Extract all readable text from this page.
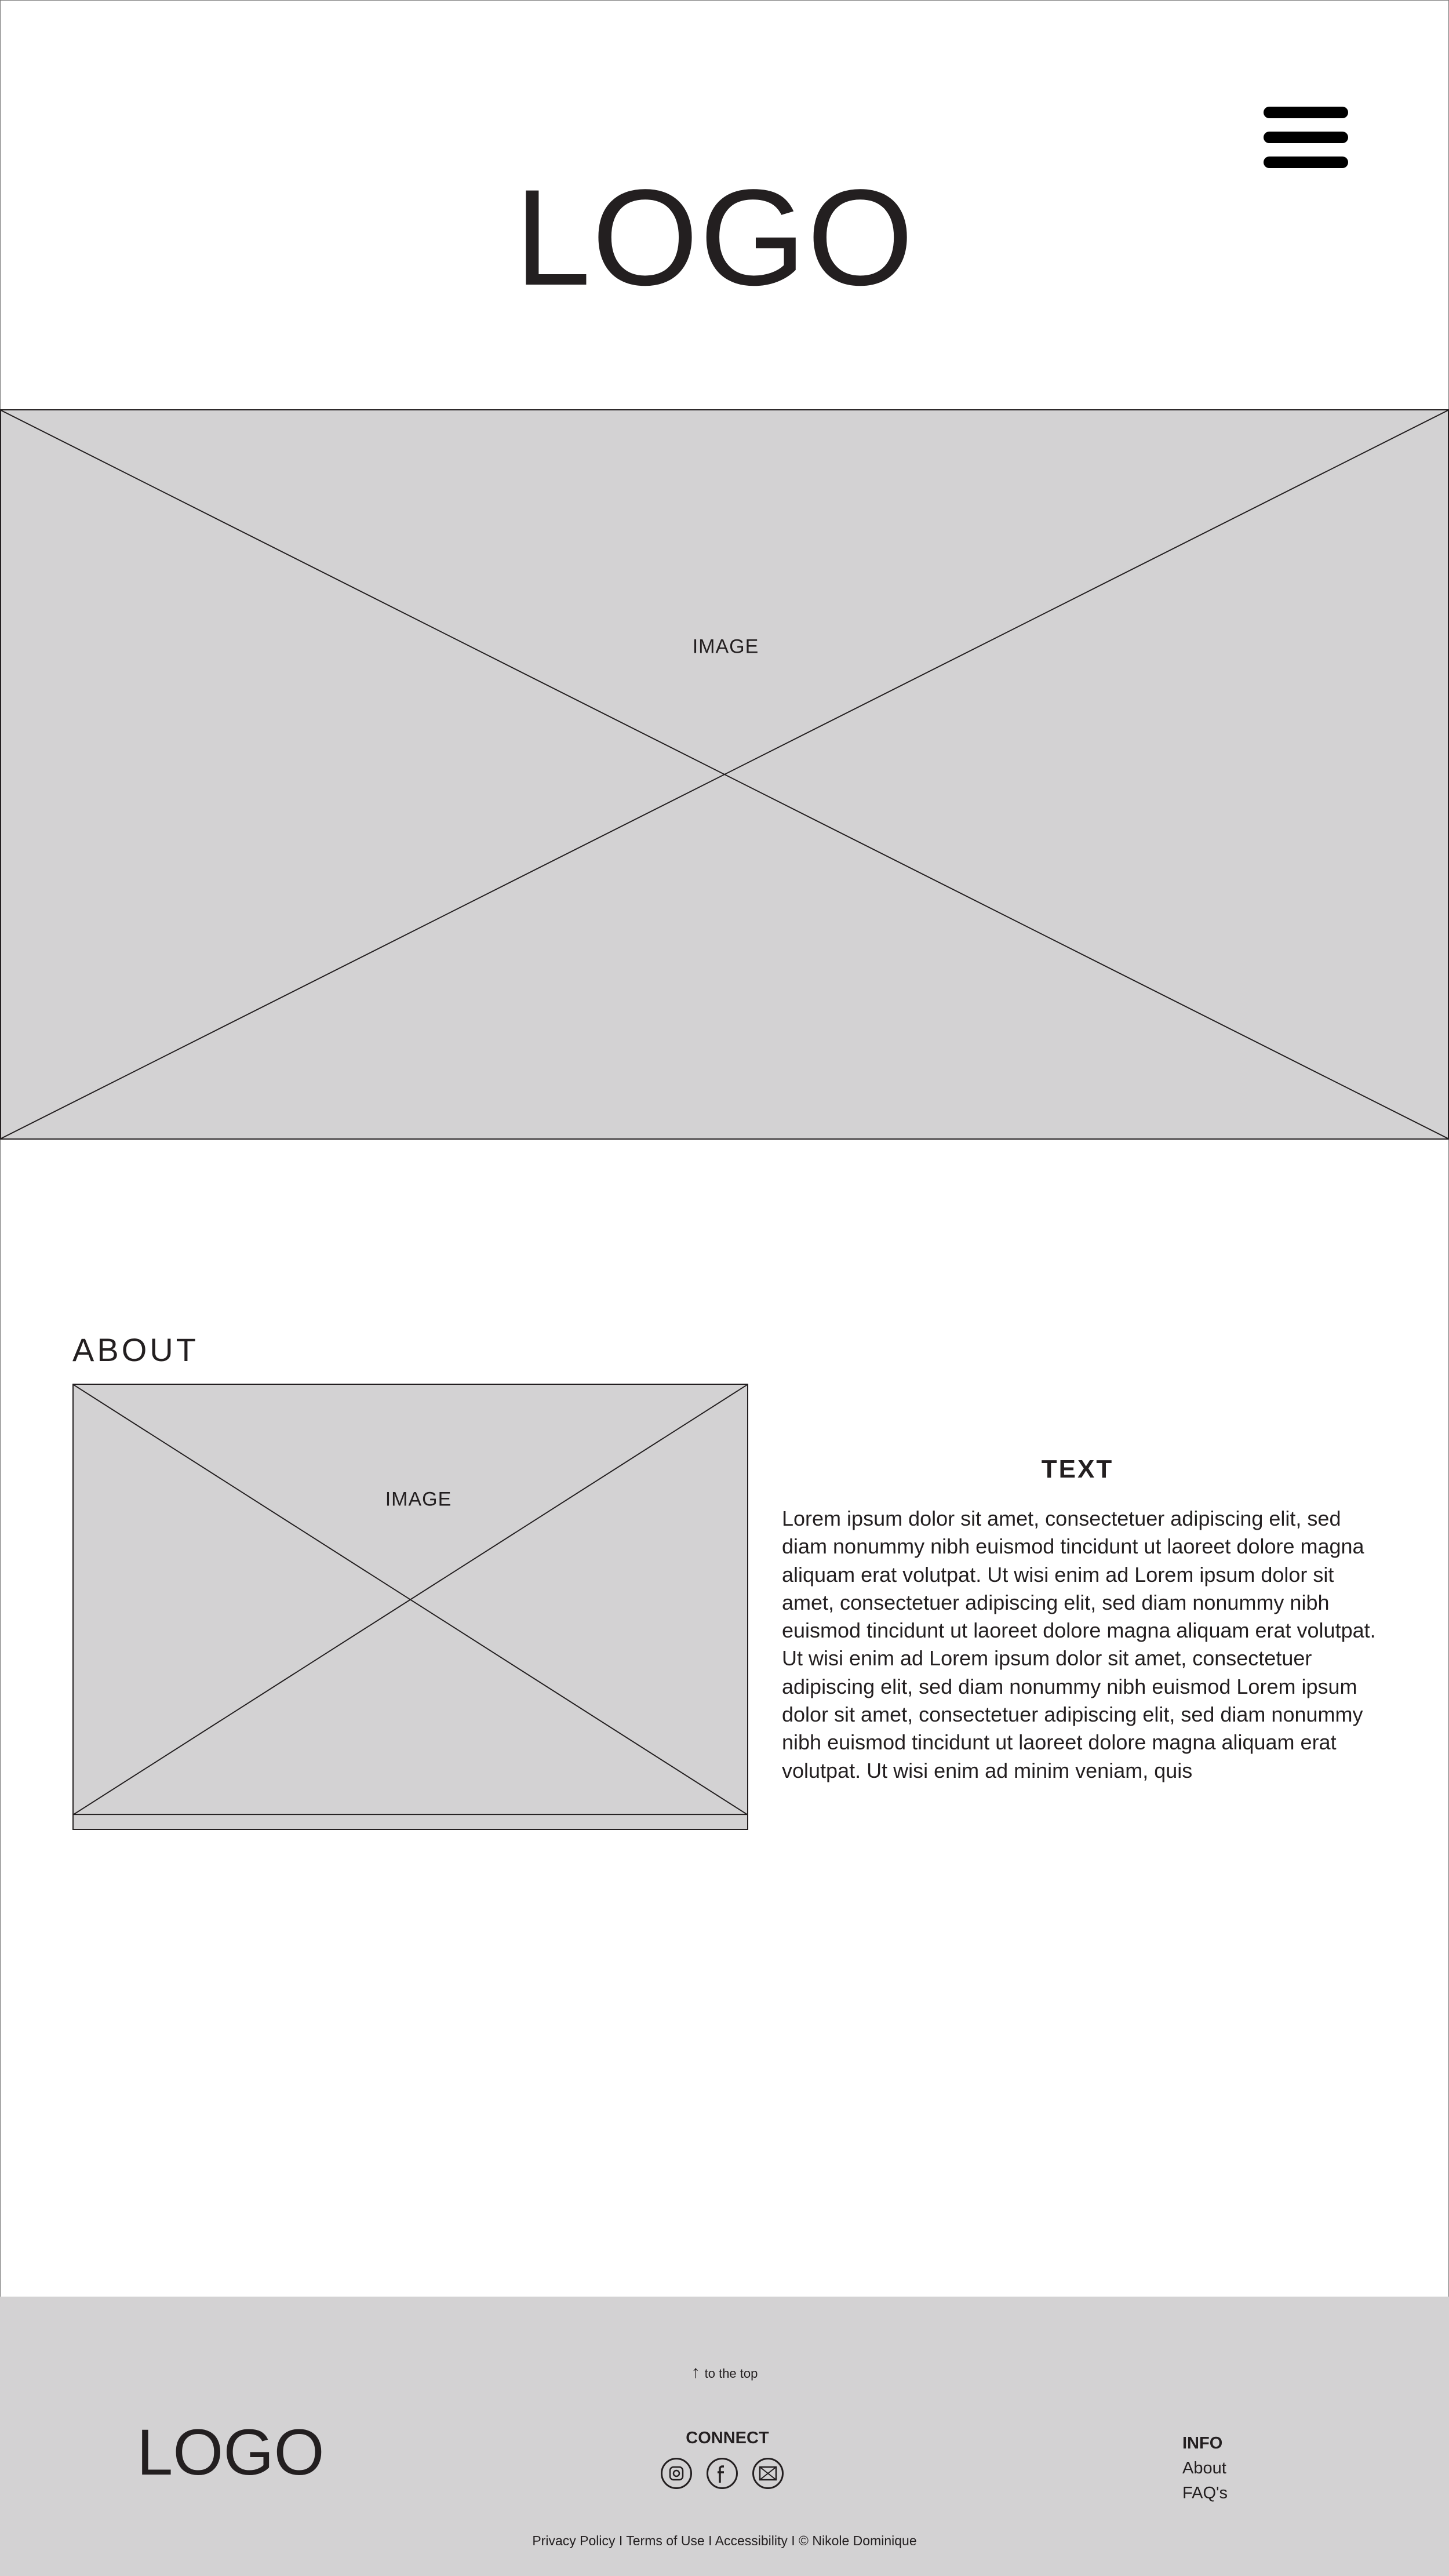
LOGO
IMAGE
ABOUT
IMAGE
TEXT
Lorem ipsum dolor sit amet, consectetuer adipiscing elit, sed diam nonummy nibh euismod tincidunt ut laoreet dolore magna aliquam erat volutpat. Ut wisi enim ad Lorem ipsum dolor sit amet, consectetuer adipiscing elit, sed diam nonummy nibh euismod tincidunt ut laoreet dolore magna aliquam erat volutpat. Ut wisi enim ad Lorem ipsum dolor sit amet, consectetuer adipiscing elit, sed diam nonummy nibh euismod Lorem ipsum dolor sit amet, consectetuer adipiscing elit, sed diam nonummy nibh euismod tincidunt ut laoreet dolore magna aliquam erat volutpat. Ut wisi enim ad minim veniam, quis
↑ to the top
LOGO	CONNECT	INFO
About
FAQ's
Privacy Policy I Terms of Use I Accessibility I © Nikole Dominique
